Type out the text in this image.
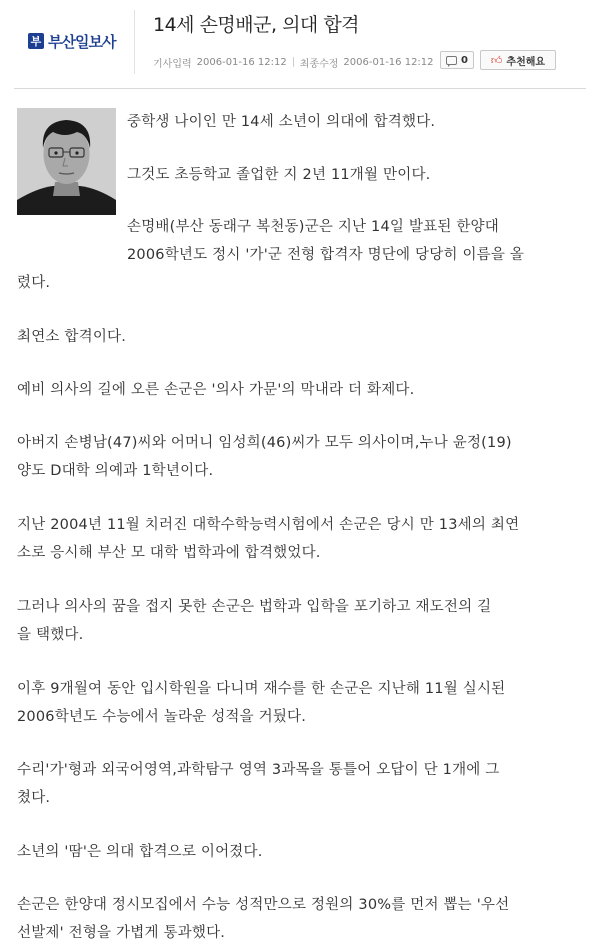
부 부산일보사
14세 손명배군, 의대 합격
기사입력 2006-01-16 12:12 최종수정 2006-01-16 12:12	0 👍︎ 추천해요

중학생 나이인 만 14세 소년이 의대에 합격했다.

그것도 초등학교 졸업한 지 2년 11개월 만이다.

손명배(부산 동래구 복천동)군은 지난 14일 발표된 한양대
2006학년도 정시 '가'군 전형 합격자 명단에 당당히 이름을 올

렸다.

최연소 합격이다.

예비 의사의 길에 오른 손군은 '의사 가문'의 막내라 더 화제다.

아버지 손병남(47)씨와 어머니 임성희(46)씨가 모두 의사이며,누나 윤정(19)
양도 D대학 의예과 1학년이다.

지난 2004년 11월 치러진 대학수학능력시험에서 손군은 당시 만 13세의 최연
소로 응시해 부산 모 대학 법학과에 합격했었다.

그러나 의사의 꿈을 접지 못한 손군은 법학과 입학을 포기하고 재도전의 길
을 택했다.

이후 9개월여 동안 입시학원을 다니며 재수를 한 손군은 지난해 11월 실시된
2006학년도 수능에서 놀라운 성적을 거뒀다.

수리'가'형과 외국어영역,과학탐구 영역 3과목을 통틀어 오답이 단 1개에 그
쳤다.

소년의 '땀'은 의대 합격으로 이어졌다.

손군은 한양대 정시모집에서 수능 성적만으로 정원의 30%를 먼저 뽑는 '우선
선발제' 전형을 가볍게 통과했다.
